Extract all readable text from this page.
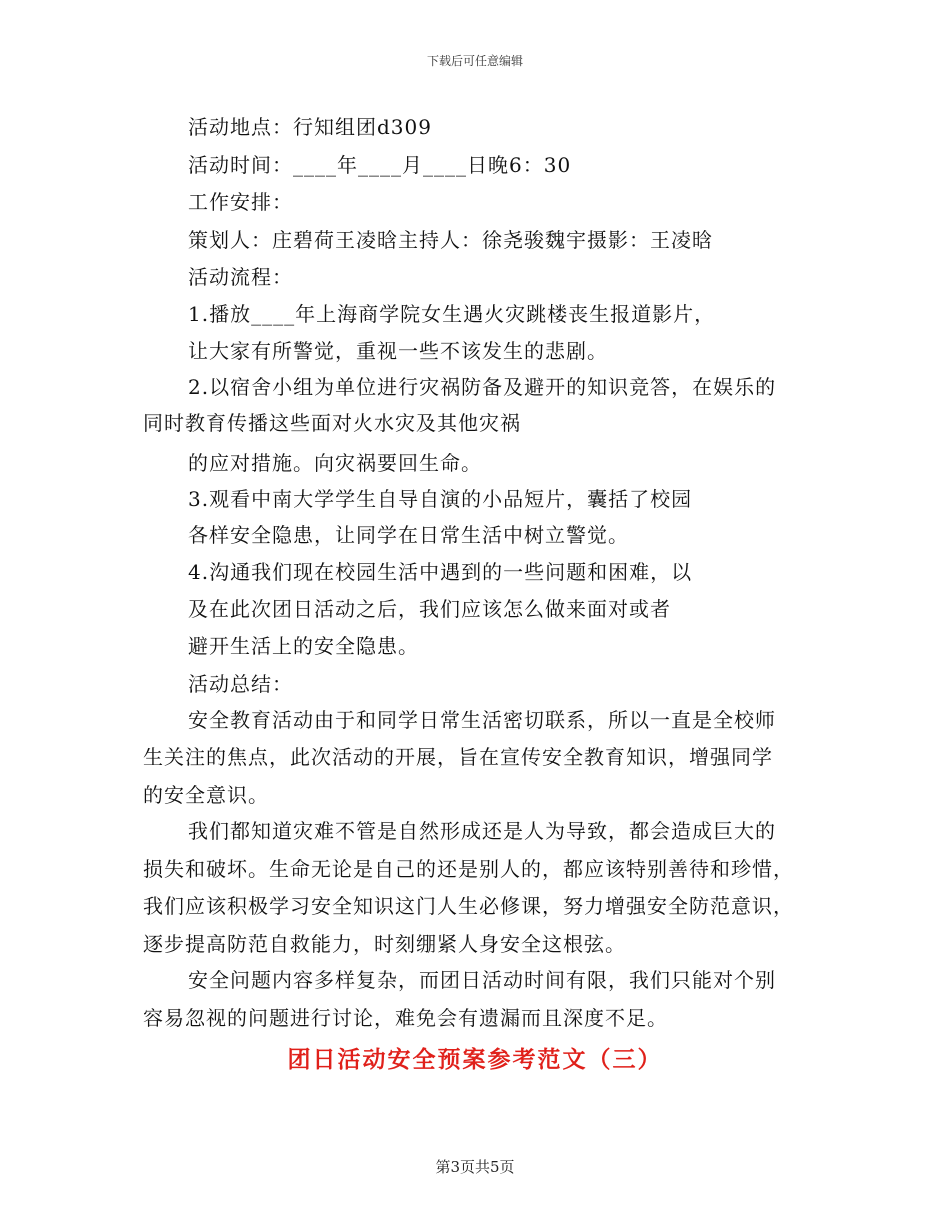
下载后可任意编辑
活动地点：行知组团d309
活动时间：____年____月____日晚6：30
工作安排：
策划人：庄碧荷王凌晗主持人：徐尧骏魏宇摄影：王凌晗
活动流程：
1.播放____年上海商学院女生遇火灾跳楼丧生报道影片，
让大家有所警觉，重视一些不该发生的悲剧。
2.以宿舍小组为单位进行灾祸防备及避开的知识竞答，在娱乐的
同时教育传播这些面对火水灾及其他灾祸
的应对措施。向灾祸要回生命。
3.观看中南大学学生自导自演的小品短片，囊括了校园
各样安全隐患，让同学在日常生活中树立警觉。
4.沟通我们现在校园生活中遇到的一些问题和困难，以
及在此次团日活动之后，我们应该怎么做来面对或者
避开生活上的安全隐患。
活动总结：
安全教育活动由于和同学日常生活密切联系，所以一直是全校师
生关注的焦点，此次活动的开展，旨在宣传安全教育知识，增强同学
的安全意识。
我们都知道灾难不管是自然形成还是人为导致，都会造成巨大的
损失和破坏。生命无论是自己的还是别人的，都应该特别善待和珍惜，
我们应该积极学习安全知识这门人生必修课，努力增强安全防范意识，
逐步提高防范自救能力，时刻绷紧人身安全这根弦。
安全问题内容多样复杂，而团日活动时间有限，我们只能对个别
容易忽视的问题进行讨论，难免会有遗漏而且深度不足。
团日活动安全预案参考范文（三）
第3页共5页
